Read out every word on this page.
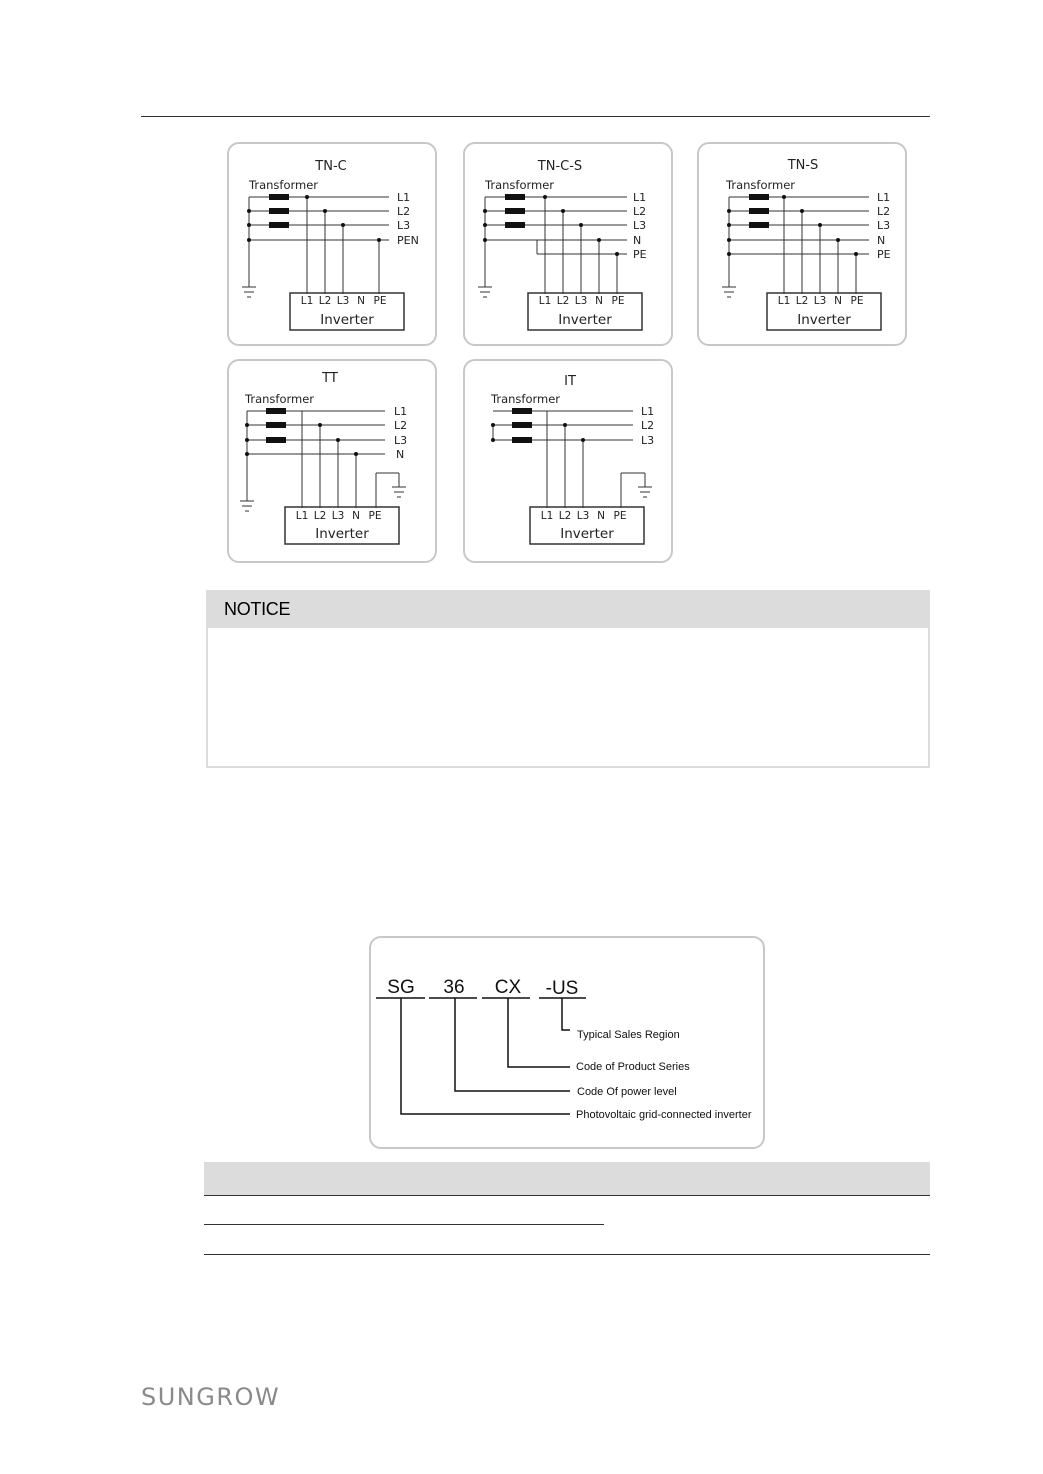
TN-C
Transformer
L1
L2
L3
PEN
L1 L2 L3 N PE
Inverter
TN-C-S
Transformer
L1
L2
L3
N
PE
L1 L2 L3 N PE
Inverter
TN-S
Transformer
L1
L2
L3
N
PE
L1 L2 L3 N PE
Inverter
TT
Transformer
L1
L2
L3
N
L1 L2 L3 N PE
Inverter
IT
Transformer
L1
L2
L3
L1 L2 L3 N PE
Inverter
NOTICE
SG 36 CX -US
Typical Sales Region
Code of Product Series
Code Of power level
Photovoltaic grid-connected inverter
SUNGROW
